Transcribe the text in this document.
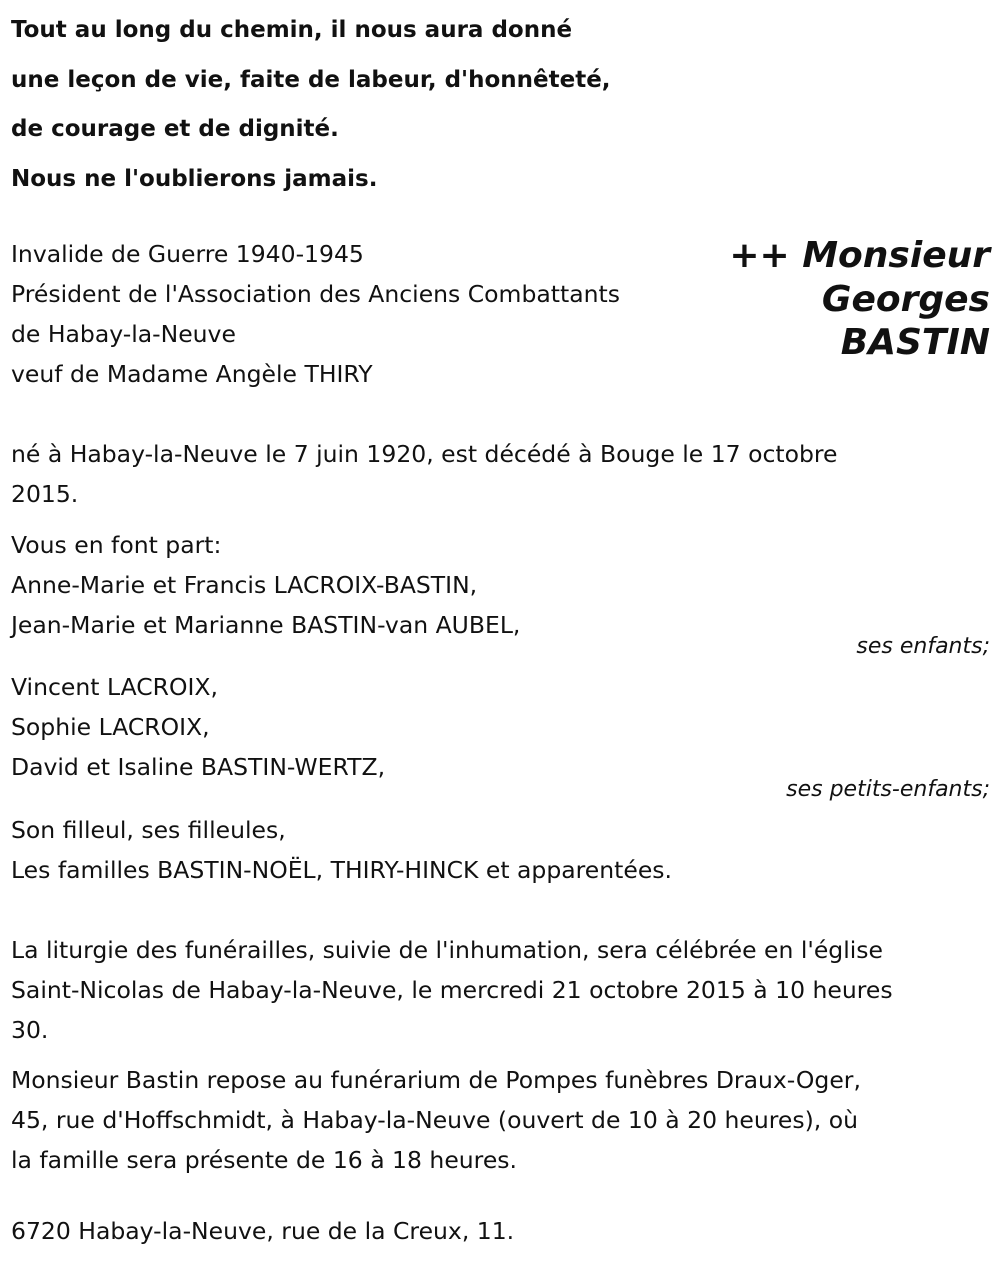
Tout au long du chemin, il nous aura donné
une leçon de vie, faite de labeur, d'honnêteté,
de courage et de dignité.
Nous ne l'oublierons jamais.
Invalide de Guerre 1940-1945
Président de l'Association des Anciens Combattants
de Habay-la-Neuve
veuf de Madame Angèle THIRY
++ Monsieur
Georges
BASTIN
né à Habay-la-Neuve le 7 juin 1920, est décédé à Bouge le 17 octobre
2015.
Vous en font part:
Anne-Marie et Francis LACROIX-BASTIN,
Jean-Marie et Marianne BASTIN-van AUBEL,
ses enfants;
Vincent LACROIX,
Sophie LACROIX,
David et Isaline BASTIN-WERTZ,
ses petits-enfants;
Son filleul, ses filleules,
Les familles BASTIN-NOËL, THIRY-HINCK et apparentées.
La liturgie des funérailles, suivie de l'inhumation, sera célébrée en l'église
Saint-Nicolas de Habay-la-Neuve, le mercredi 21 octobre 2015 à 10 heures
30.
Monsieur Bastin repose au funérarium de Pompes funèbres Draux-Oger,
45, rue d'Hoffschmidt, à Habay-la-Neuve (ouvert de 10 à 20 heures), où
la famille sera présente de 16 à 18 heures.
6720 Habay-la-Neuve, rue de la Creux, 11.
